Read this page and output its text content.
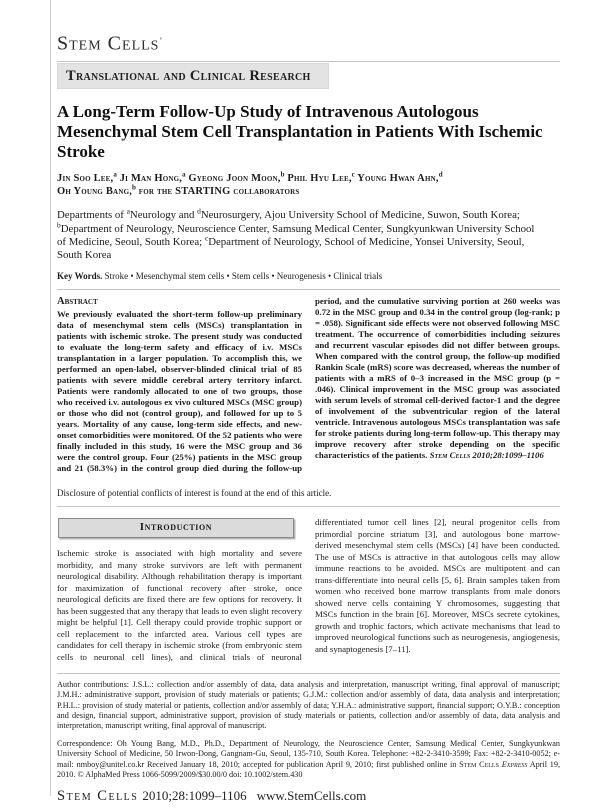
Stem Cells’
Translational and Clinical Research
A Long-Term Follow-Up Study of Intravenous Autologous
Mesenchymal Stem Cell Transplantation in Patients With Ischemic
Stroke
Jin Soo Lee,$^a$ Ji Man Hong,$^a$ Gyeong Joon Moon,$^b$ Phil Hyu Lee,$^c$ Young Hwan Ahn,$^d$
Oh Young Bang,$^b$ for the STARTING collaborators
Departments of $^a$Neurology and $^d$Neurosurgery, Ajou University School of Medicine, Suwon, South Korea; $^b$Department of Neurology, Neuroscience Center, Samsung Medical Center, Sungkyunkwan University School of Medicine, Seoul, South Korea; $^c$Department of Neurology, School of Medicine, Yonsei University, Seoul, South Korea
Key Words. Stroke • Mesenchymal stem cells • Stem cells • Neurogenesis • Clinical trials
Abstract
We previously evaluated the short-term follow-up preliminary data of mesenchymal stem cells (MSCs) transplantation in patients with ischemic stroke. The present study was conducted to evaluate the long-term safety and efficacy of i.v. MSCs transplantation in a larger population. To accomplish this, we performed an open-label, observer-blinded clinical trial of 85 patients with severe middle cerebral artery territory infarct. Patients were randomly allocated to one of two groups, those who received i.v. autologous ex vivo cultured MSCs (MSC group) or those who did not (control group), and followed for up to 5 years. Mortality of any cause, long-term side effects, and new-onset comorbidities were monitored. Of the 52 patients who were finally included in this study, 16 were the MSC group and 36 were the control group. Four (25%) patients in the MSC group and 21 (58.3%) in the control group died during the follow-up period, and the cumulative surviving portion at 260 weeks was 0.72 in the MSC group and 0.34 in the control group (log-rank; p = .058). Significant side effects were not observed following MSC treatment. The occurrence of comorbidities including seizures and recurrent vascular episodes did not differ between groups. When compared with the control group, the follow-up modified Rankin Scale (mRS) score was decreased, whereas the number of patients with a mRS of 0–3 increased in the MSC group (p = .046). Clinical improvement in the MSC group was associated with serum levels of stromal cell-derived factor-1 and the degree of involvement of the subventricular region of the lateral ventricle. Intravenous autologous MSCs transplantation was safe for stroke patients during long-term follow-up. This therapy may improve recovery after stroke depending on the specific characteristics of the patients. Stem Cells 2010;28:1099–1106
Disclosure of potential conflicts of interest is found at the end of this article.
Introduction
Ischemic stroke is associated with high mortality and severe morbidity, and many stroke survivors are left with permanent neurological disability. Although rehabilitation therapy is important for maximization of functional recovery after stroke, once neurological deficits are fixed there are few options for recovery. It has been suggested that any therapy that leads to even slight recovery might be helpful [1]. Cell therapy could provide trophic support or cell replacement to the infarcted area. Various cell types are candidates for cell therapy in ischemic stroke (from embryonic stem cells to neuronal cell lines), and clinical trials of neuronal differentiated tumor cell lines [2], neural progenitor cells from primordial porcine striatum [3], and autologous bone marrow-derived mesenchymal stem cells (MSCs) [4] have been conducted. The use of MSCs is attractive in that autologous cells may allow immune reactions to be avoided. MSCs are multipotent and can trans-differentiate into neural cells [5, 6]. Brain samples taken from women who received bone marrow transplants from male donors showed nerve cells containing Y chromosomes, suggesting that MSCs function in the brain [6]. Moreover, MSCs secrete cytokines, growth and trophic factors, which activate mechanisms that lead to improved neurological functions such as neurogenesis, angiogenesis, and synaptogenesis [7–11].
Author contributions: J.S.L.: collection and/or assembly of data, data analysis and interpretation, manuscript writing, final approval of manuscript; J.M.H.: administrative support, provision of study materials or patients; G.J.M.: collection and/or assembly of data, data analysis and interpretation; P.H.L.: provision of study material or patients, collection and/or assembly of data; Y.H.A.: administrative support, financial support; O.Y.B.: conception and design, financial support, administrative support, provision of study materials or patients, collection and/or assembly of data, data analysis and interpretation, manuscript writing, final approval of manuscript.
Correspondence: Oh Young Bang, M.D., Ph.D., Department of Neurology, the Neuroscience Center, Samsung Medical Center, Sungkyunkwan University School of Medicine, 50 Irwon-Dong, Gangnam-Gu, Seoul, 135-710, South Korea. Telephone: +82-2-3410-3599; Fax: +82-2-3410-0052; e-mail: nmboy@unitel.co.kr Received January 18, 2010; accepted for publication April 9, 2010; first published online in Stem Cells Express April 19, 2010. © AlphaMed Press 1066-5099/2009/$30.00/0 doi: 10.1002/stem.430
Stem Cells 2010;28:1099–1106 www.StemCells.com
